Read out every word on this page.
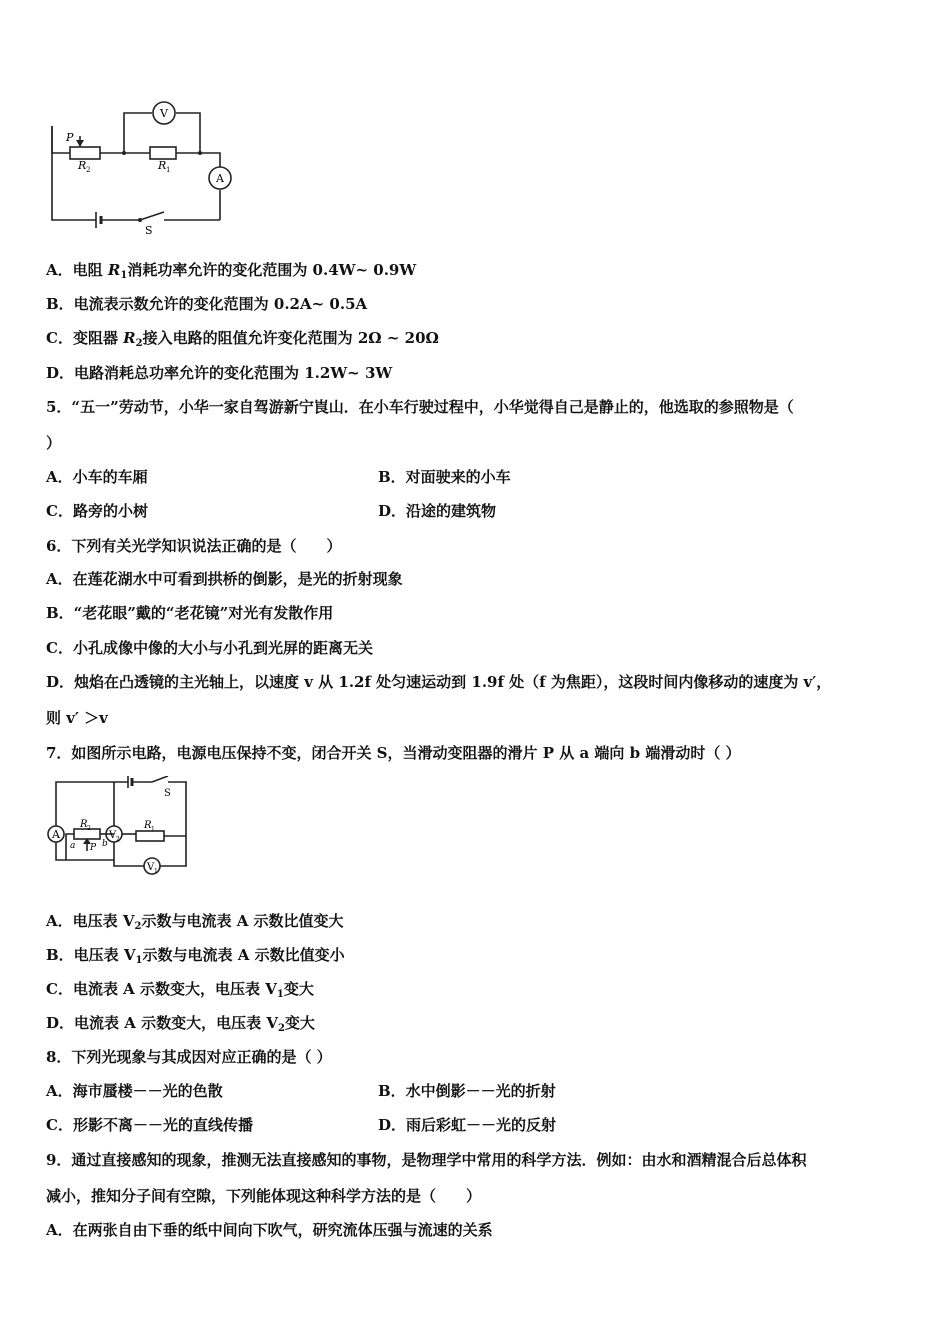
P
R 2	R 1
V
A
S
A．电阻 $R_1$消耗功率允许的变化范围为 0.4W~ 0.9W
B．电流表示数允许的变化范围为 0.2A~ 0.5A
C．变阻器 $R_2$接入电路的阻值允许变化范围为 2Ω ~ 20Ω
D．电路消耗总功率允许的变化范围为 1.2W~ 3W
5．“五一”劳动节，小华一家自驾游新宁崀山．在小车行驶过程中，小华觉得自己是静止的，他选取的参照物是（
）
A．小车的车厢	B．对面驶来的小车
C．路旁的小树	D．沿途的建筑物
6．下列有关光学知识说法正确的是（　　）
A．在莲花湖水中可看到拱桥的倒影，是光的折射现象
B．“老花眼”戴的“老花镜”对光有发散作用
C．小孔成像中像的大小与小孔到光屏的距离无关
D．烛焰在凸透镜的主光轴上，以速度 v 从 1.2f 处匀速运动到 1.9f 处（f 为焦距），这段时间内像移动的速度为 v′，
则 v′ ＞v
7．如图所示电路，电源电压保持不变，闭合开关 S，当滑动变阻器的滑片 P 从 a 端向 b 端滑动时（ ）
A	V 2
V 1
R 1
R 2
a P b
S
A．电压表 $V_2$示数与电流表 A 示数比值变大
B．电压表 $V_1$示数与电流表 A 示数比值变小
C．电流表 A 示数变大，电压表 $V_1$变大
D．电流表 A 示数变大，电压表 $V_2$变大
8．下列光现象与其成因对应正确的是（ ）
A．海市蜃楼－－光的色散	B．水中倒影－－光的折射
C．形影不离－－光的直线传播	D．雨后彩虹－－光的反射
9．通过直接感知的现象，推测无法直接感知的事物，是物理学中常用的科学方法．例如：由水和酒精混合后总体积
减小，推知分子间有空隙，下列能体现这种科学方法的是（　　）
A．在两张自由下垂的纸中间向下吹气，研究流体压强与流速的关系
